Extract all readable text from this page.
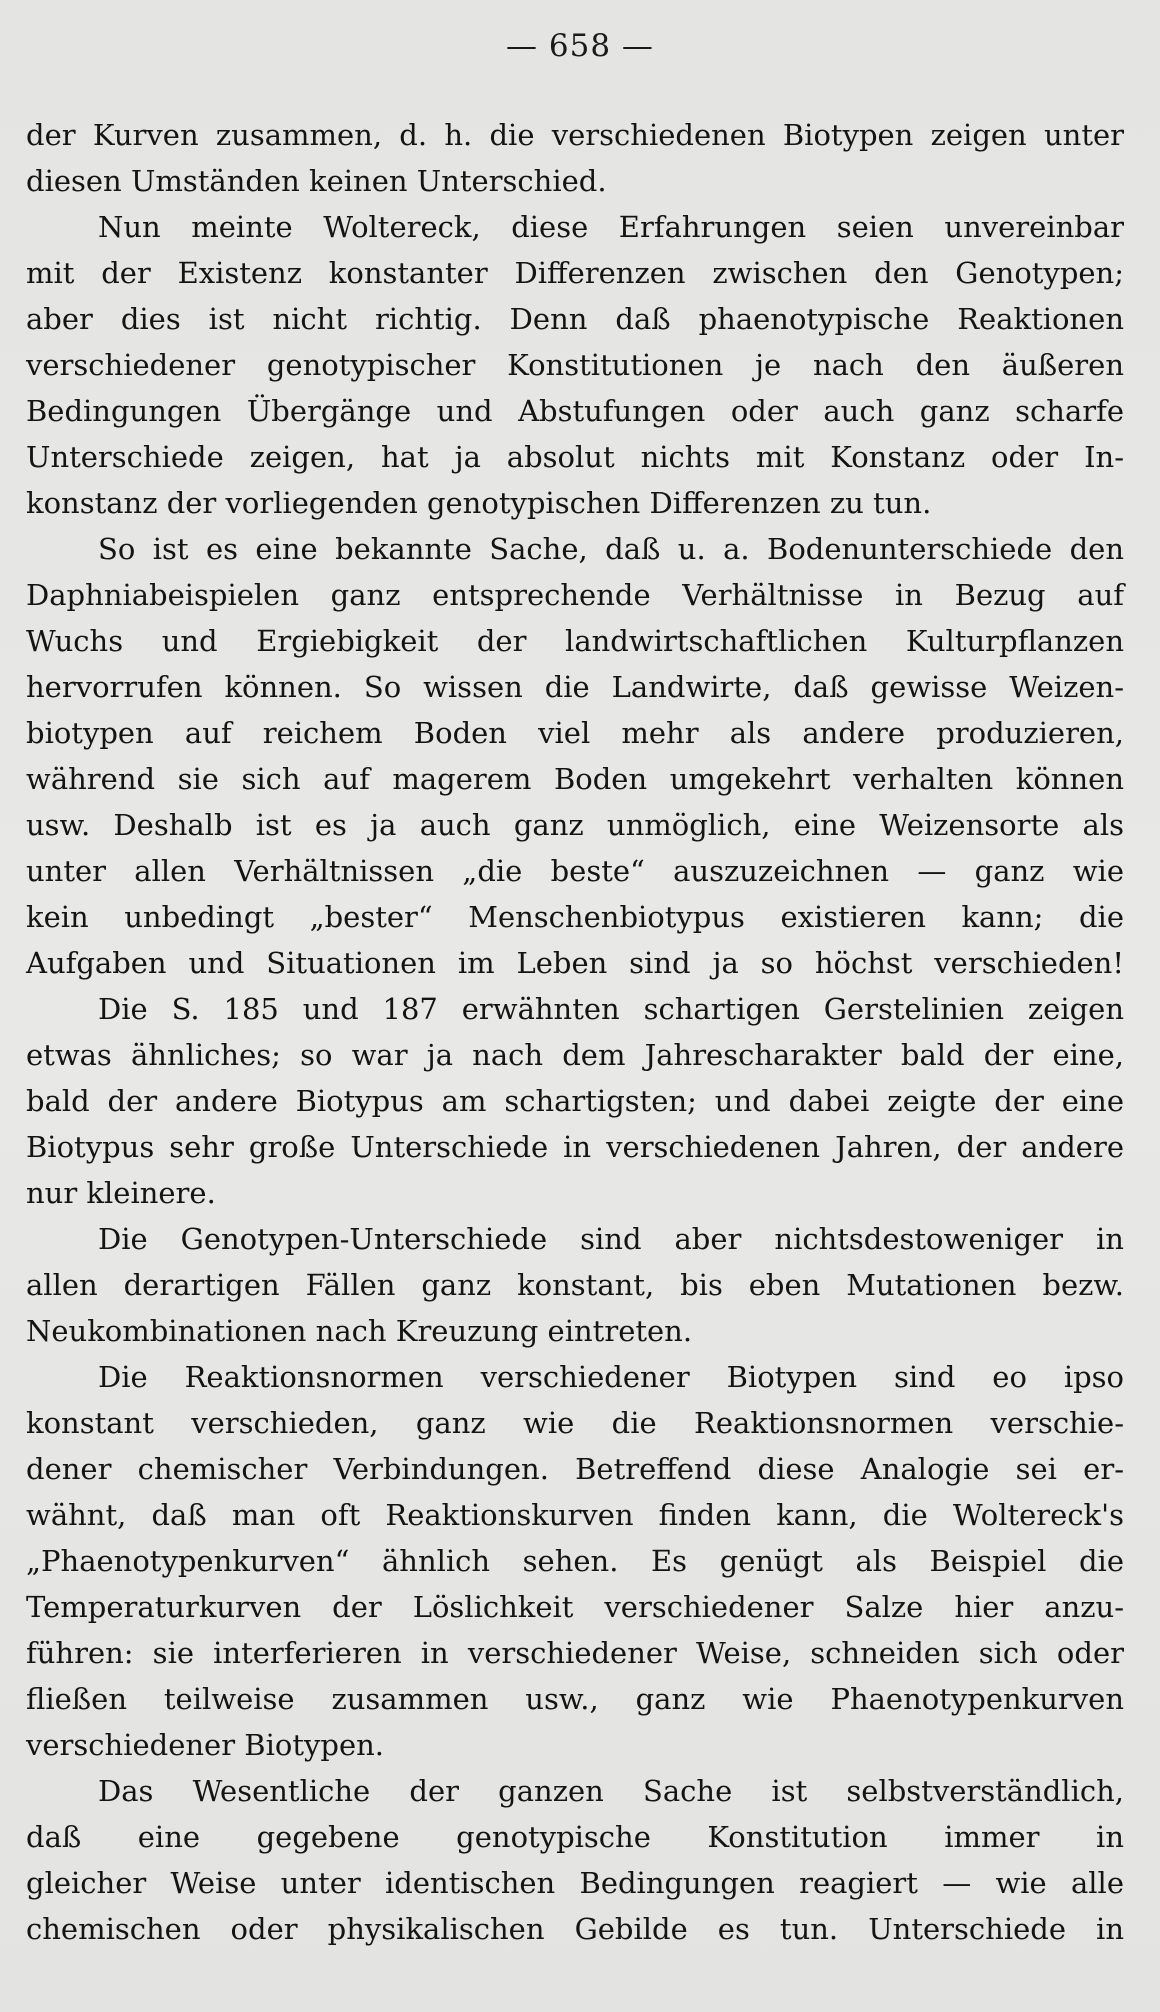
— 658 —
der Kurven zusammen, d. h. die verschiedenen Biotypen zeigen unter
diesen Umständen keinen Unterschied.
Nun meinte Woltereck, diese Erfahrungen seien unvereinbar
mit der Existenz konstanter Differenzen zwischen den Genotypen;
aber dies ist nicht richtig. Denn daß phaenotypische Reaktionen
verschiedener genotypischer Konstitutionen je nach den äußeren
Bedingungen Übergänge und Abstufungen oder auch ganz scharfe
Unterschiede zeigen, hat ja absolut nichts mit Konstanz oder In-
konstanz der vorliegenden genotypischen Differenzen zu tun.
So ist es eine bekannte Sache, daß u. a. Bodenunterschiede den
Daphniabeispielen ganz entsprechende Verhältnisse in Bezug auf
Wuchs und Ergiebigkeit der landwirtschaftlichen Kulturpflanzen
hervorrufen können. So wissen die Landwirte, daß gewisse Weizen-
biotypen auf reichem Boden viel mehr als andere produzieren,
während sie sich auf magerem Boden umgekehrt verhalten können
usw. Deshalb ist es ja auch ganz unmöglich, eine Weizensorte als
unter allen Verhältnissen „die beste“ auszuzeichnen — ganz wie
kein unbedingt „bester“ Menschenbiotypus existieren kann; die
Aufgaben und Situationen im Leben sind ja so höchst verschieden!
Die S. 185 und 187 erwähnten schartigen Gerstelinien zeigen
etwas ähnliches; so war ja nach dem Jahrescharakter bald der eine,
bald der andere Biotypus am schartigsten; und dabei zeigte der eine
Biotypus sehr große Unterschiede in verschiedenen Jahren, der andere
nur kleinere.
Die Genotypen-Unterschiede sind aber nichtsdestoweniger in
allen derartigen Fällen ganz konstant, bis eben Mutationen bezw.
Neukombinationen nach Kreuzung eintreten.
Die Reaktionsnormen verschiedener Biotypen sind eo ipso
konstant verschieden, ganz wie die Reaktionsnormen verschie-
dener chemischer Verbindungen. Betreffend diese Analogie sei er-
wähnt, daß man oft Reaktionskurven finden kann, die Woltereck's
„Phaenotypenkurven“ ähnlich sehen. Es genügt als Beispiel die
Temperaturkurven der Löslichkeit verschiedener Salze hier anzu-
führen: sie interferieren in verschiedener Weise, schneiden sich oder
fließen teilweise zusammen usw., ganz wie Phaenotypenkurven
verschiedener Biotypen.
Das Wesentliche der ganzen Sache ist selbstverständlich,
daß eine gegebene genotypische Konstitution immer in
gleicher Weise unter identischen Bedingungen reagiert — wie alle
chemischen oder physikalischen Gebilde es tun. Unterschiede in
